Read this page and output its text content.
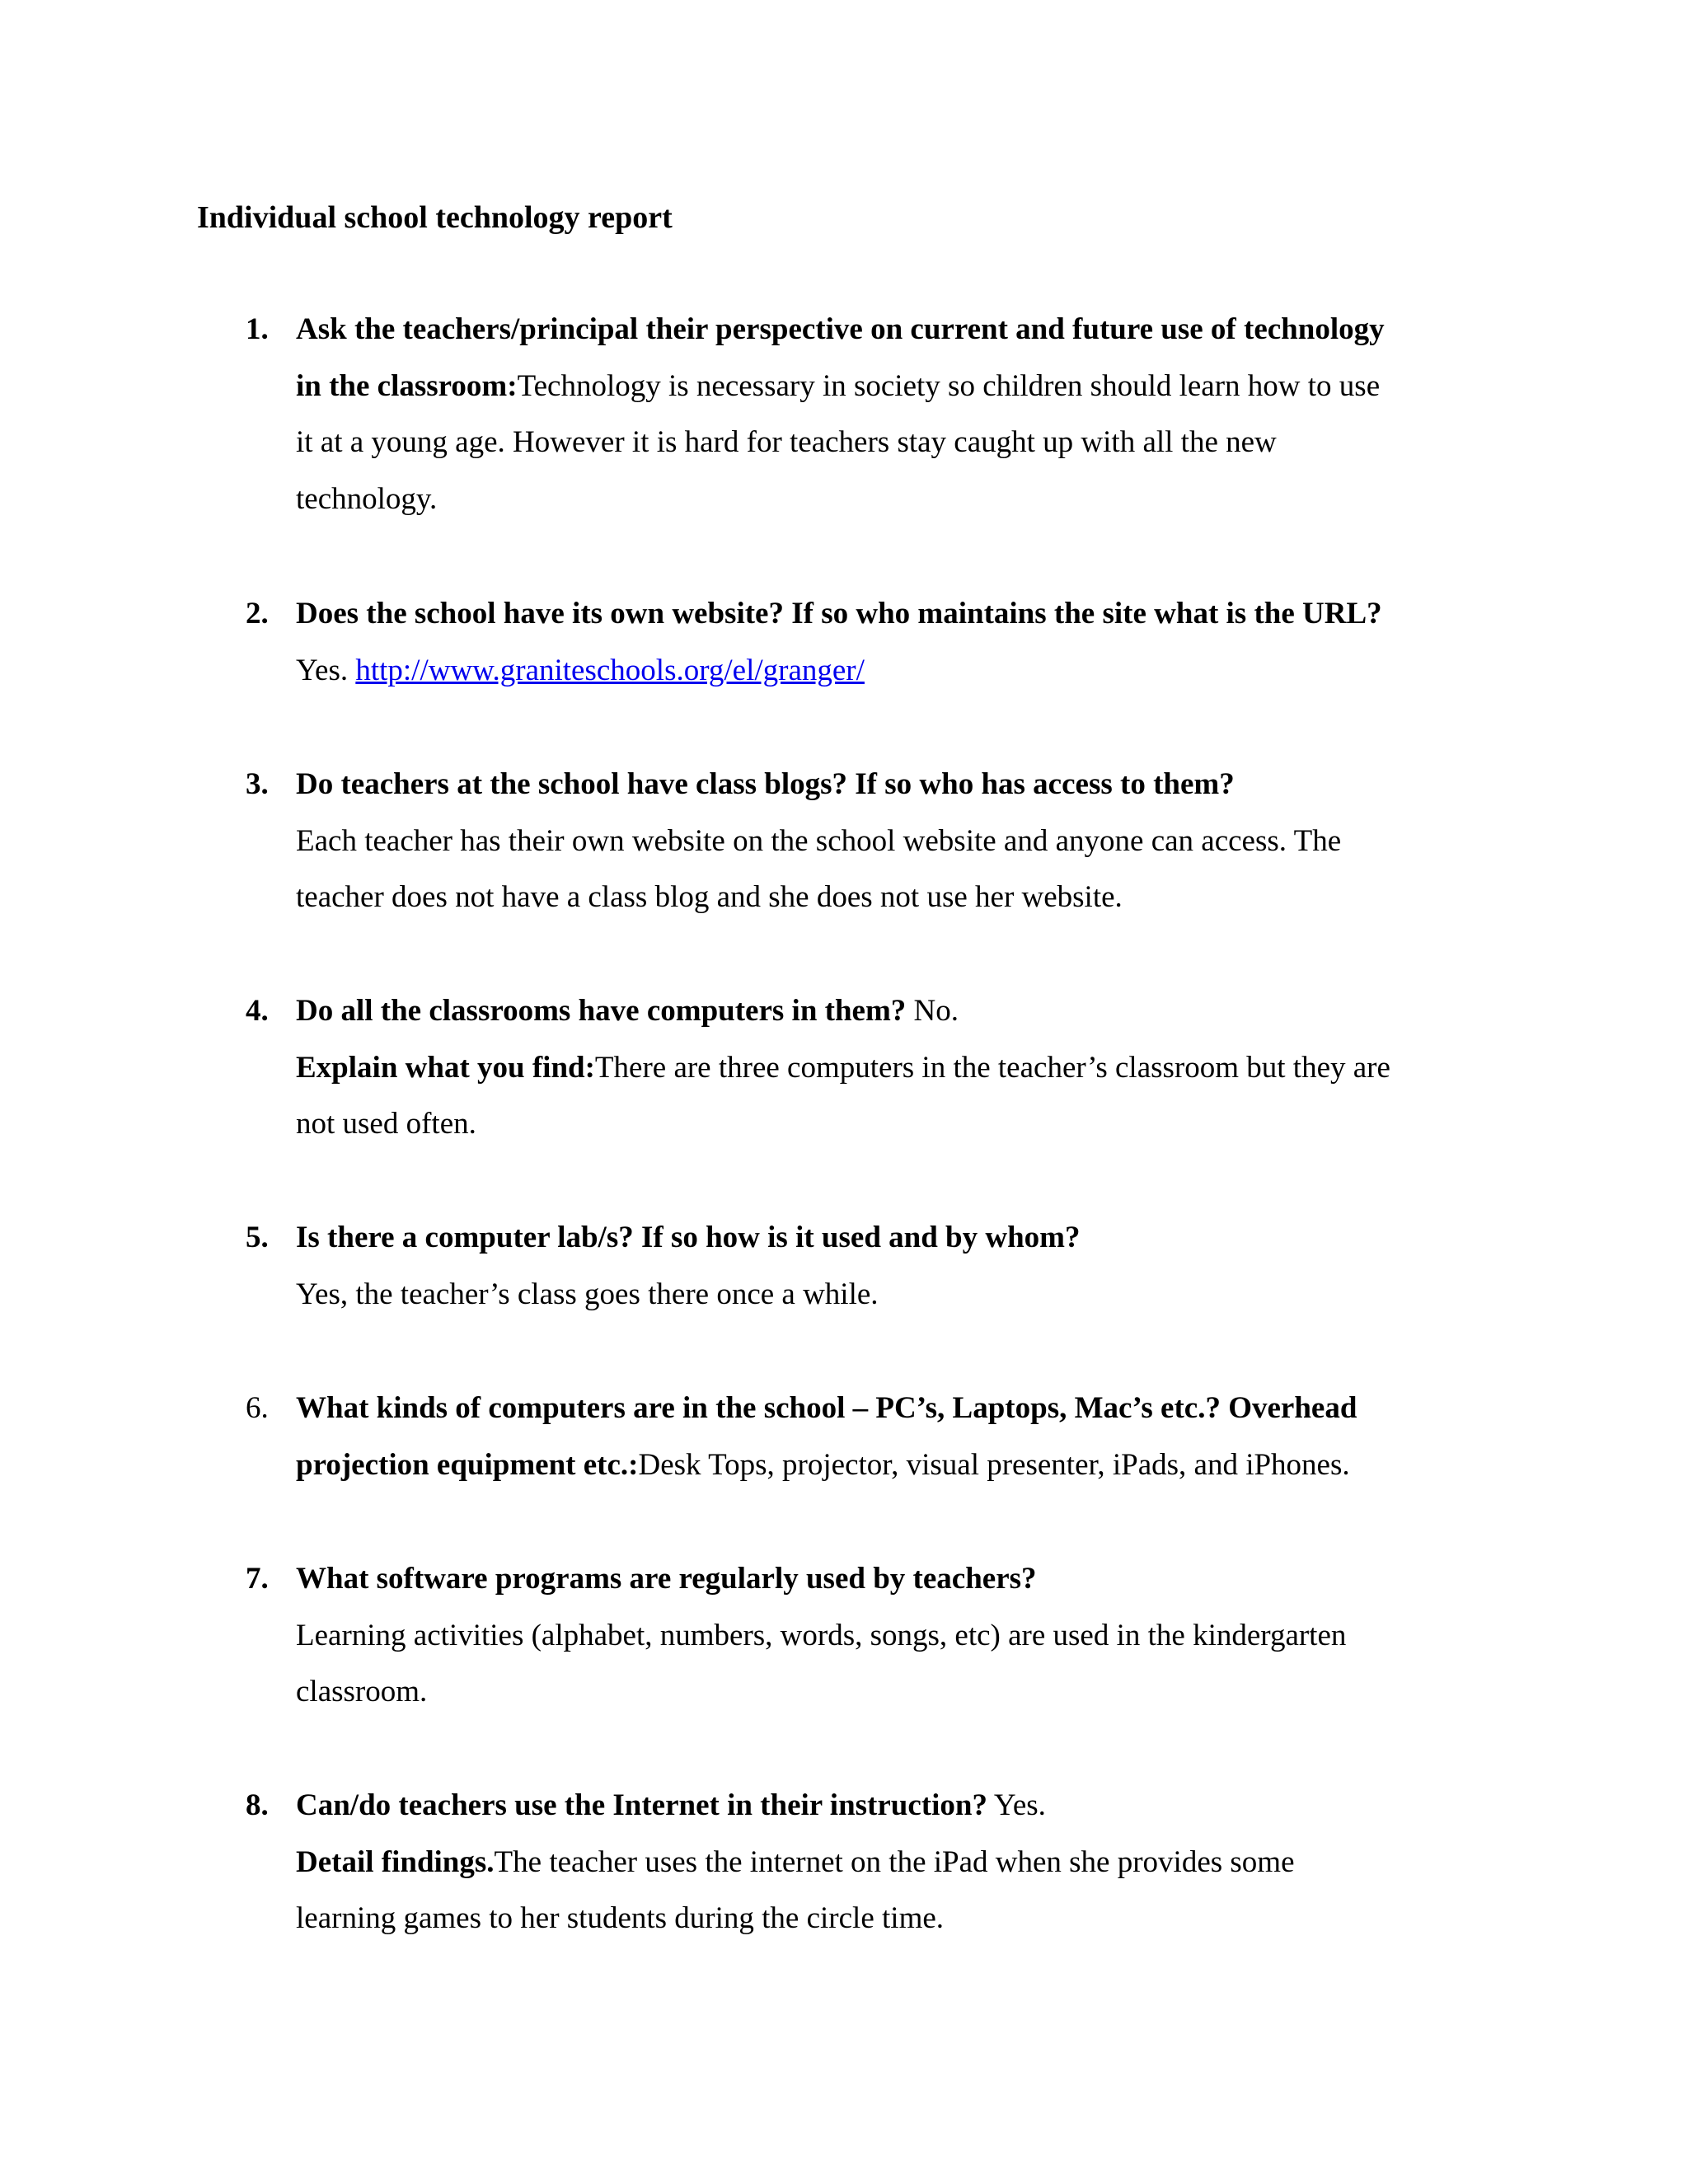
Individual school technology report
1. Ask the teachers/principal their perspective on current and future use of technology
in the classroom:Technology is necessary in society so children should learn how to use
it at a young age. However it is hard for teachers stay caught up with all the new
technology.
2. Does the school have its own website? If so who maintains the site what is the URL?
Yes. http://www.graniteschools.org/el/granger/
3. Do teachers at the school have class blogs? If so who has access to them?
Each teacher has their own website on the school website and anyone can access. The
teacher does not have a class blog and she does not use her website.
4. Do all the classrooms have computers in them? No.
Explain what you find:There are three computers in the teacher’s classroom but they are
not used often.
5. Is there a computer lab/s? If so how is it used and by whom?
Yes, the teacher’s class goes there once a while.
6. What kinds of computers are in the school – PC’s, Laptops, Mac’s etc.? Overhead
projection equipment etc.:Desk Tops, projector, visual presenter, iPads, and iPhones.
7. What software programs are regularly used by teachers?
Learning activities (alphabet, numbers, words, songs, etc) are used in the kindergarten
classroom.
8. Can/do teachers use the Internet in their instruction? Yes.
Detail findings.The teacher uses the internet on the iPad when she provides some
learning games to her students during the circle time.
